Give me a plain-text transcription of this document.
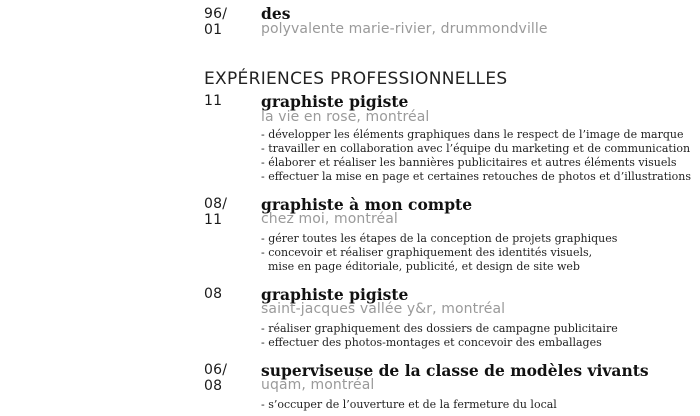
96/
01
des
polyvalente marie-rivier, drummondville
EXPÉRIENCES PROFESSIONNELLES
11	graphiste pigiste
la vie en rose, montréal
- développer les éléments graphiques dans le respect de l’image de marque
- travailler en collaboration avec l’équipe du marketing et de communication
- élaborer et réaliser les bannières publicitaires et autres éléments visuels
- effectuer la mise en page et certaines retouches de photos et d’illustrations
08/
11
graphiste à mon compte
chez moi, montréal
- gérer toutes les étapes de la conception de projets graphiques
- concevoir et réaliser graphiquement des identités visuels,
mise en page éditoriale, publicité, et design de site web
08	graphiste pigiste
saint-jacques vallée y&r, montréal
- réaliser graphiquement des dossiers de campagne publicitaire
- effectuer des photos-montages et concevoir des emballages
06/
08
superviseuse de la classe de modèles vivants
uqam, montréal
- s’occuper de l’ouverture et de la fermeture du local
